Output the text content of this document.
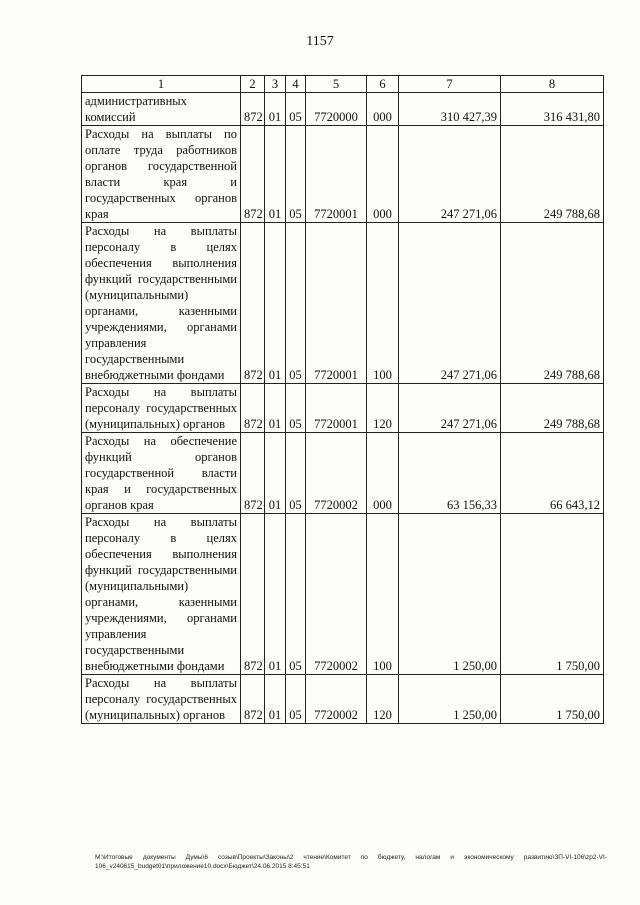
1157
1	2	3	4	5	6	7	8
административных комиссий	872	01	05	7720000	000	310 427,39	316 431,80
Расходы на выплаты по оплате труда работников органов государственной власти края и государственных органов края	872	01	05	7720001	000	247 271,06	249 788,68
Расходы на выплаты персоналу в целях обеспечения выполнения функций государственными (муниципальными) органами, казенными учреждениями, органами управления государственными внебюджетными фондами	872	01	05	7720001	100	247 271,06	249 788,68
Расходы на выплаты персоналу государственных (муниципальных) органов	872	01	05	7720001	120	247 271,06	249 788,68
Расходы на обеспечение функций органов государственной власти края и государственных органов края	872	01	05	7720002	000	63 156,33	66 643,12
Расходы на выплаты персоналу в целях обеспечения выполнения функций государственными (муниципальными) органами, казенными учреждениями, органами управления государственными внебюджетными фондами	872	01	05	7720002	100	1 250,00	1 750,00
Расходы на выплаты персоналу государственных (муниципальных) органов	872	01	05	7720002	120	1 250,00	1 750,00
M:\Итоговые документы Думы\6 созыв\Проекты\Законы\2 чтение\Комитет по бюджету, налогам и экономическому развитию\ЗП-VI-106\zp2-VI-106_v240615_budget01\приложение10.docx\Бюджет\24.06.2015 8:45:51
